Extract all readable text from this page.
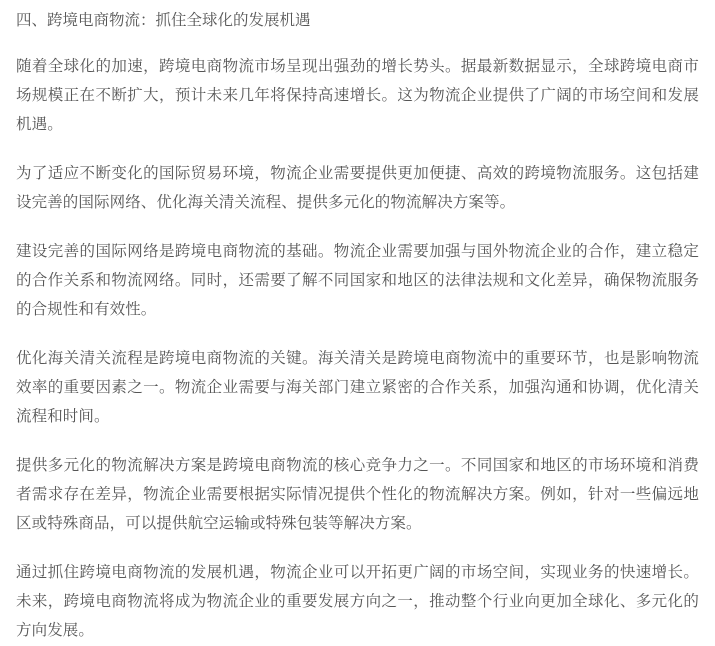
四、跨境电商物流：抓住全球化的发展机遇

随着全球化的加速，跨境电商物流市场呈现出强劲的增长势头。据最新数据显示，全球跨境电商市场规模正在不断扩大，预计未来几年将保持高速增长。这为物流企业提供了广阔的市场空间和发展机遇。

为了适应不断变化的国际贸易环境，物流企业需要提供更加便捷、高效的跨境物流服务。这包括建设完善的国际网络、优化海关清关流程、提供多元化的物流解决方案等。

建设完善的国际网络是跨境电商物流的基础。物流企业需要加强与国外物流企业的合作，建立稳定的合作关系和物流网络。同时，还需要了解不同国家和地区的法律法规和文化差异，确保物流服务的合规性和有效性。

优化海关清关流程是跨境电商物流的关键。海关清关是跨境电商物流中的重要环节，也是影响物流效率的重要因素之一。物流企业需要与海关部门建立紧密的合作关系，加强沟通和协调，优化清关流程和时间。

提供多元化的物流解决方案是跨境电商物流的核心竞争力之一。不同国家和地区的市场环境和消费者需求存在差异，物流企业需要根据实际情况提供个性化的物流解决方案。例如，针对一些偏远地区或特殊商品，可以提供航空运输或特殊包装等解决方案。

通过抓住跨境电商物流的发展机遇，物流企业可以开拓更广阔的市场空间，实现业务的快速增长。未来，跨境电商物流将成为物流企业的重要发展方向之一，推动整个行业向更加全球化、多元化的方向发展。
